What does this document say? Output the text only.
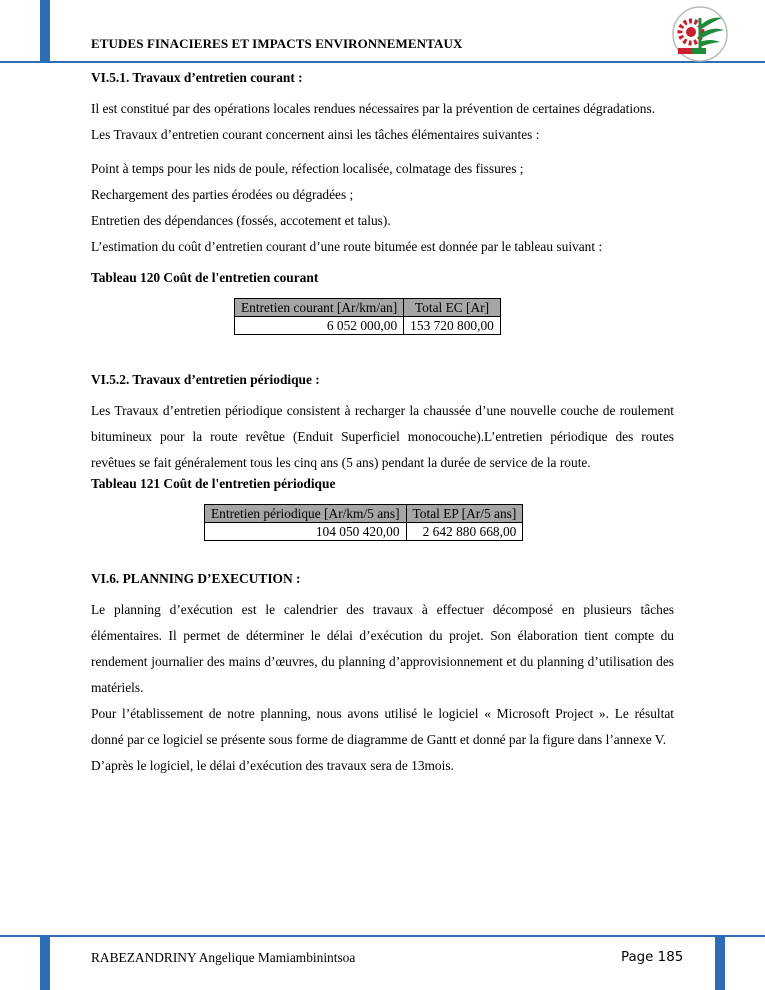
ETUDES FINACIERES ET IMPACTS ENVIRONNEMENTAUX
VI.5.1. Travaux d’entretien courant :
Il est constitué par des opérations locales rendues nécessaires par la prévention de certaines dégradations.
Les Travaux d’entretien courant concernent ainsi les tâches élémentaires suivantes :
Point à temps pour les nids de poule, réfection localisée, colmatage des fissures ;
Rechargement des parties érodées ou dégradées ;
Entretien des dépendances (fossés, accotement et talus).
L’estimation du coût d’entretien courant d’une route bitumée est donnée par le tableau suivant :
Tableau 120 Coût de l'entretien courant
Entretien courant [Ar/km/an]	Total EC [Ar]
6 052 000,00	153 720 800,00
VI.5.2. Travaux d’entretien périodique :
Les Travaux d’entretien périodique consistent à recharger la chaussée d’une nouvelle couche de roulement bitumineux pour la route revêtue (Enduit Superficiel monocouche).L’entretien périodique des routes revêtues se fait généralement tous les cinq ans (5 ans) pendant la durée de service de la route.
Tableau 121 Coût de l'entretien périodique
Entretien périodique [Ar/km/5 ans]	Total EP [Ar/5 ans]
104 050 420,00	2 642 880 668,00
VI.6. PLANNING D’EXECUTION :
Le planning d’exécution est le calendrier des travaux à effectuer décomposé en plusieurs tâches élémentaires. Il permet de déterminer le délai d’exécution du projet. Son élaboration tient compte du rendement journalier des mains d’œuvres, du planning d’approvisionnement et du planning d’utilisation des matériels.
Pour l’établissement de notre planning, nous avons utilisé le logiciel « Microsoft Project ». Le résultat donné par ce logiciel se présente sous forme de diagramme de Gantt et donné par la figure dans l’annexe V.
D’après le logiciel, le délai d’exécution des travaux sera de 13mois.
RABEZANDRINY Angelique Mamiambinintsoa	Page 185
